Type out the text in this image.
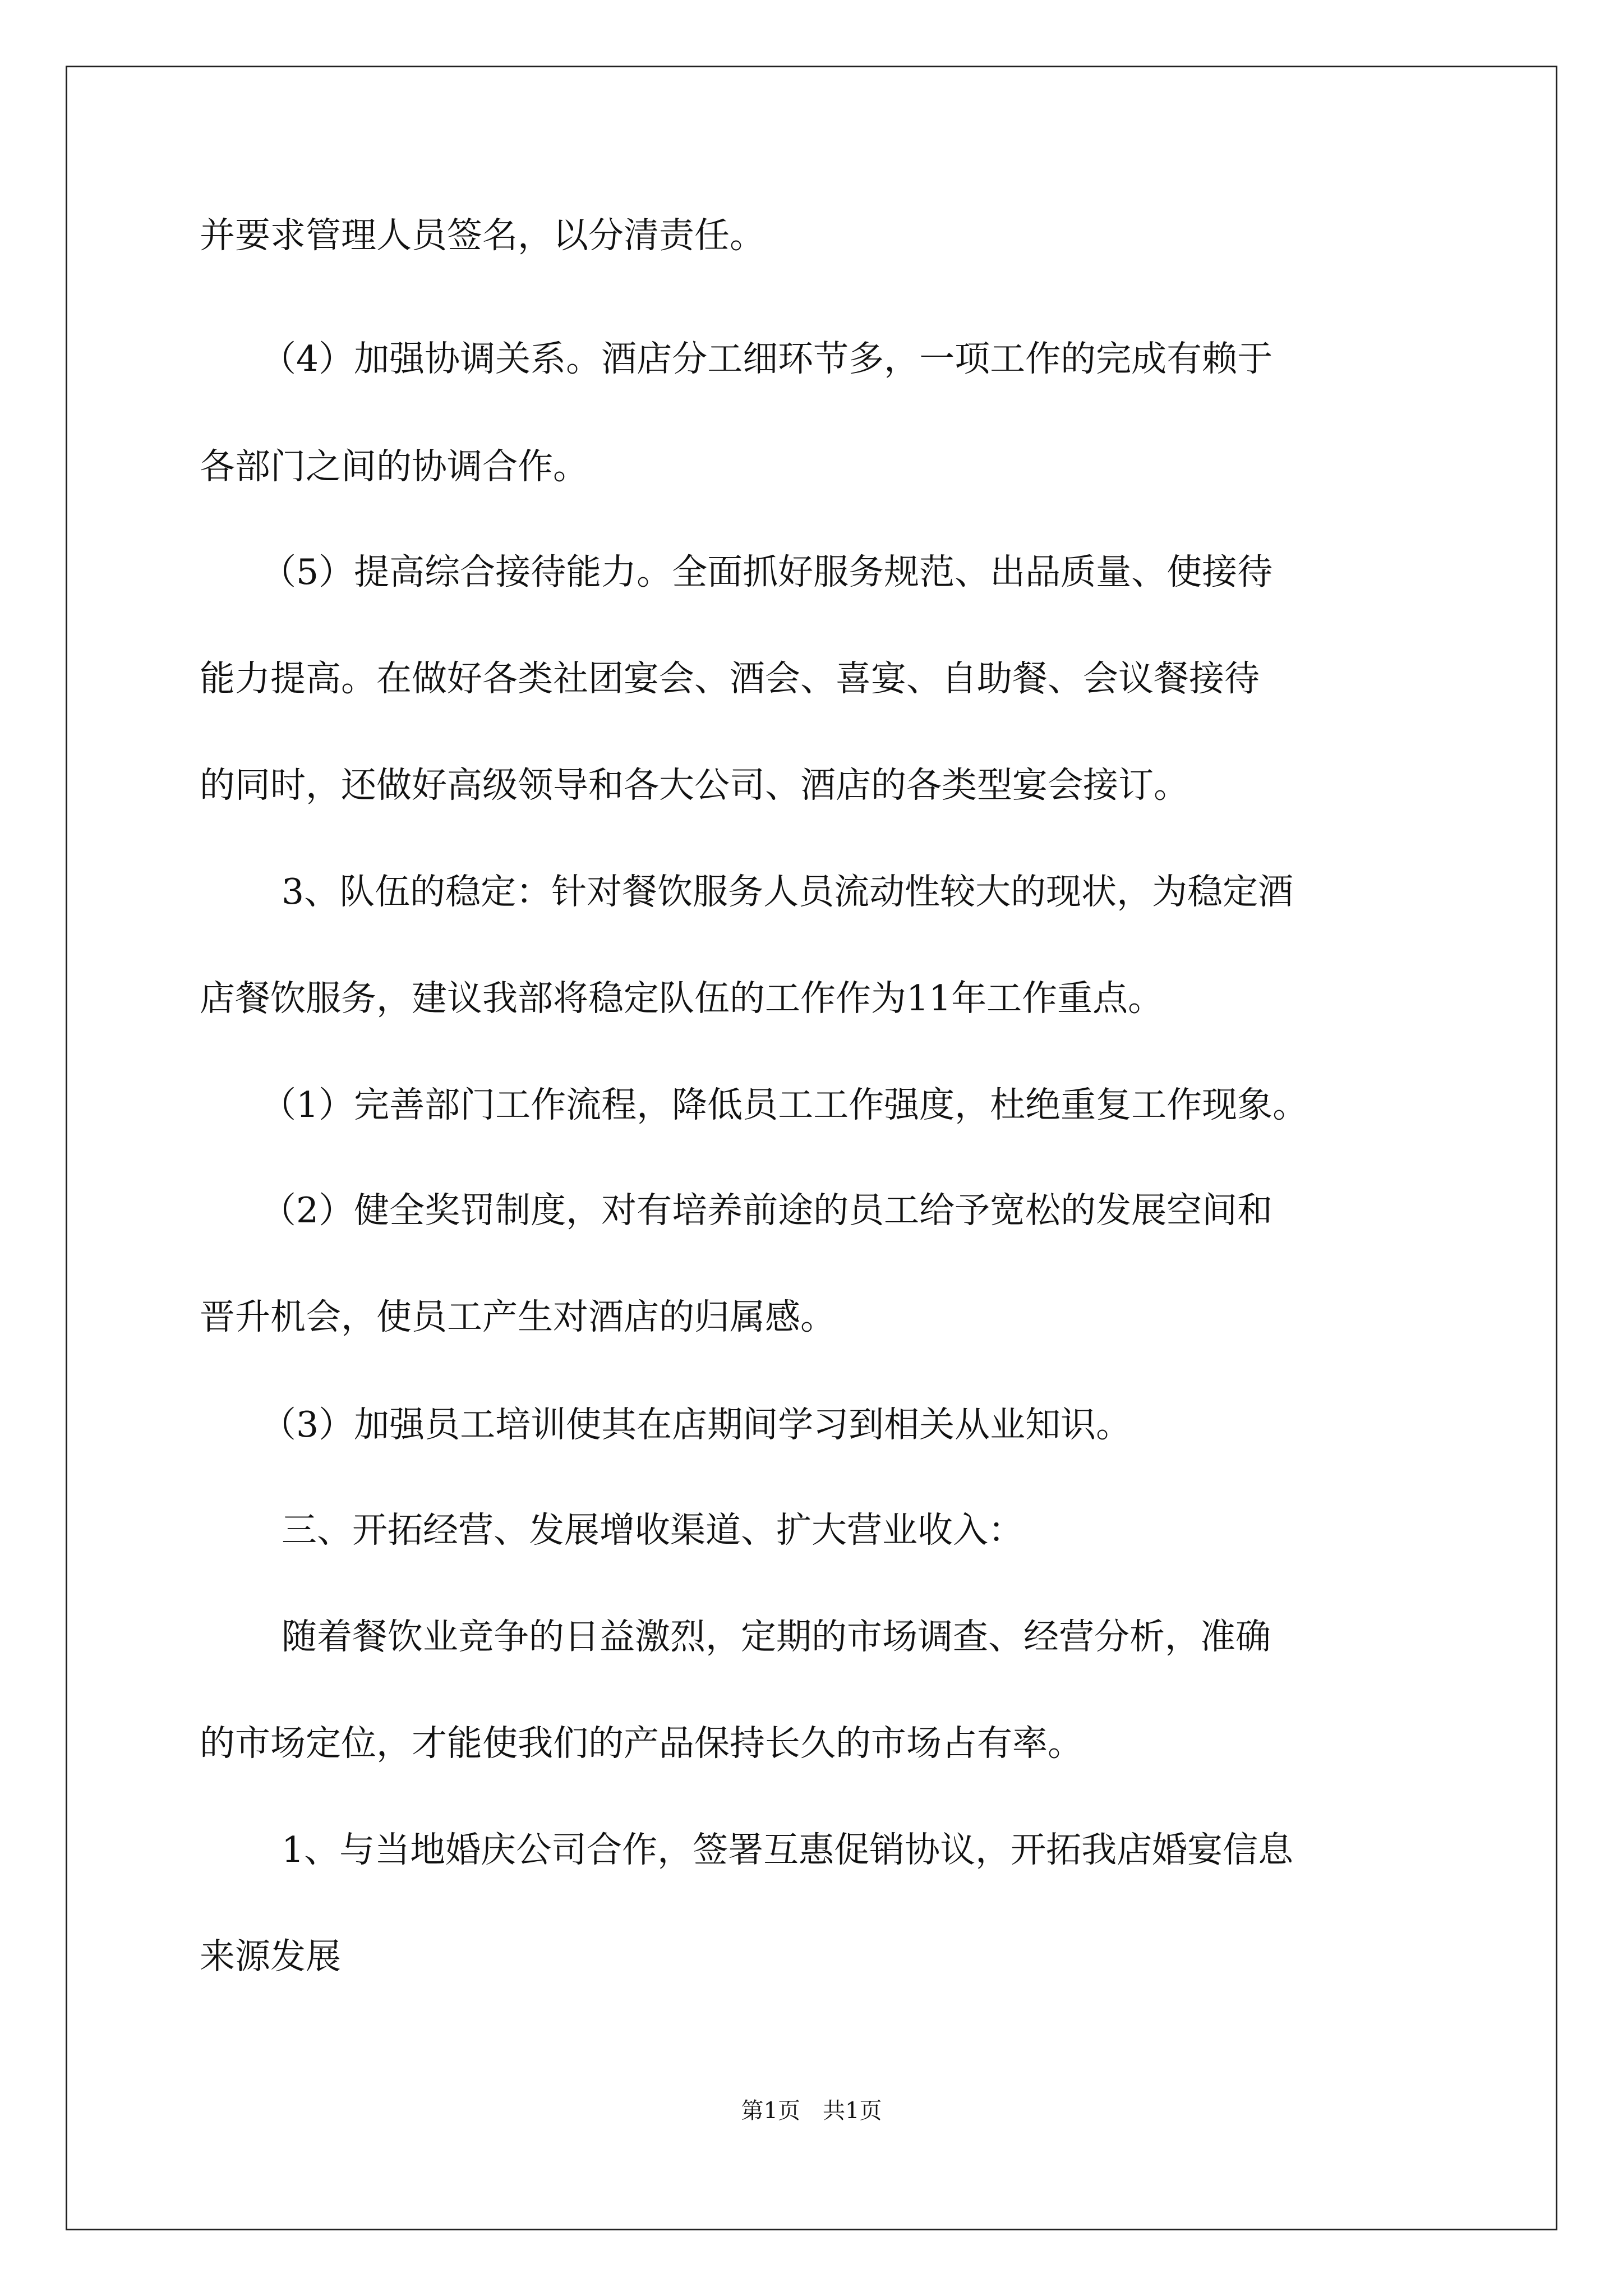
并要求管理人员签名，以分清责任。
（4）加强协调关系。酒店分工细环节多，一项工作的完成有赖于
各部门之间的协调合作。
（5）提高综合接待能力。全面抓好服务规范、出品质量、使接待
能力提高。在做好各类社团宴会、酒会、喜宴、自助餐、会议餐接待
的同时，还做好高级领导和各大公司、酒店的各类型宴会接订。
3、队伍的稳定：针对餐饮服务人员流动性较大的现状，为稳定酒
店餐饮服务，建议我部将稳定队伍的工作作为11年工作重点。
（1）完善部门工作流程，降低员工工作强度，杜绝重复工作现象。
（2）健全奖罚制度，对有培养前途的员工给予宽松的发展空间和
晋升机会，使员工产生对酒店的归属感。
（3）加强员工培训使其在店期间学习到相关从业知识。
三、开拓经营、发展增收渠道、扩大营业收入：
随着餐饮业竞争的日益激烈，定期的市场调查、经营分析，准确
的市场定位，才能使我们的产品保持长久的市场占有率。
1、与当地婚庆公司合作，签署互惠促销协议，开拓我店婚宴信息
来源发展
第1页　共1页
